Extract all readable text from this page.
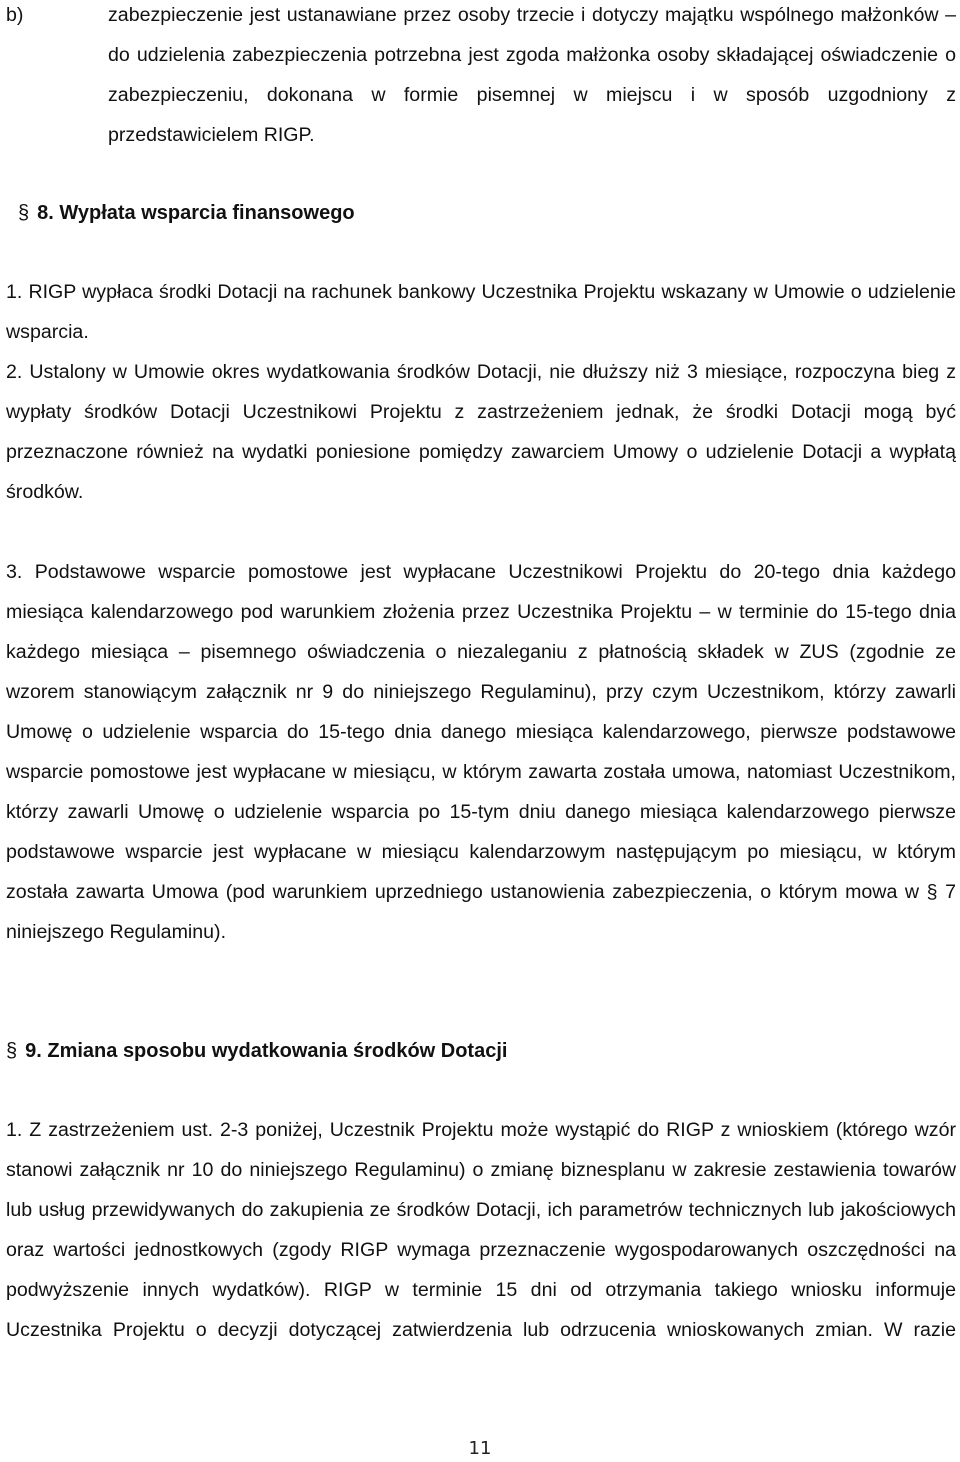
b)	zabezpieczenie jest ustanawiane przez osoby trzecie i dotyczy majątku wspólnego małżonków – do udzielenia zabezpieczenia potrzebna jest zgoda małżonka osoby składającej oświadczenie o zabezpieczeniu, dokonana w formie pisemnej w miejscu i w sposób uzgodniony z przedstawicielem RIGP.
§ 8. Wypłata wsparcia finansowego

1. RIGP wypłaca środki Dotacji na rachunek bankowy Uczestnika Projektu wskazany w Umowie o udzielenie wsparcia.

2. Ustalony w Umowie okres wydatkowania środków Dotacji, nie dłuższy niż 3 miesiące, rozpoczyna bieg z wypłaty środków Dotacji Uczestnikowi Projektu z zastrzeżeniem jednak, że środki Dotacji mogą być przeznaczone również na wydatki poniesione pomiędzy zawarciem Umowy o udzielenie Dotacji a wypłatą środków.

3. Podstawowe wsparcie pomostowe jest wypłacane Uczestnikowi Projektu do 20-tego dnia każdego miesiąca kalendarzowego pod warunkiem złożenia przez Uczestnika Projektu – w terminie do 15-tego dnia każdego miesiąca – pisemnego oświadczenia o niezaleganiu z płatnością składek w ZUS (zgodnie ze wzorem stanowiącym załącznik nr 9 do niniejszego Regulaminu), przy czym Uczestnikom, którzy zawarli Umowę o udzielenie wsparcia do 15-tego dnia danego miesiąca kalendarzowego, pierwsze podstawowe wsparcie pomostowe jest wypłacane w miesiącu, w którym zawarta została umowa, natomiast Uczestnikom, którzy zawarli Umowę o udzielenie wsparcia po 15-tym dniu danego miesiąca kalendarzowego pierwsze podstawowe wsparcie jest wypłacane w miesiącu kalendarzowym następującym po miesiącu, w którym została zawarta Umowa (pod warunkiem uprzedniego ustanowienia zabezpieczenia, o którym mowa w § 7 niniejszego Regulaminu).

§ 9. Zmiana sposobu wydatkowania środków Dotacji

1. Z zastrzeżeniem ust. 2-3 poniżej, Uczestnik Projektu może wystąpić do RIGP z wnioskiem (którego wzór stanowi załącznik nr 10 do niniejszego Regulaminu) o zmianę biznesplanu w zakresie zestawienia towarów lub usług przewidywanych do zakupienia ze środków Dotacji, ich parametrów technicznych lub jakościowych oraz wartości jednostkowych (zgody RIGP wymaga przeznaczenie wygospodarowanych oszczędności na podwyższenie innych wydatków). RIGP w terminie 15 dni od otrzymania takiego wniosku informuje Uczestnika Projektu o decyzji dotyczącej zatwierdzenia lub odrzucenia wnioskowanych zmian. W razie

11
